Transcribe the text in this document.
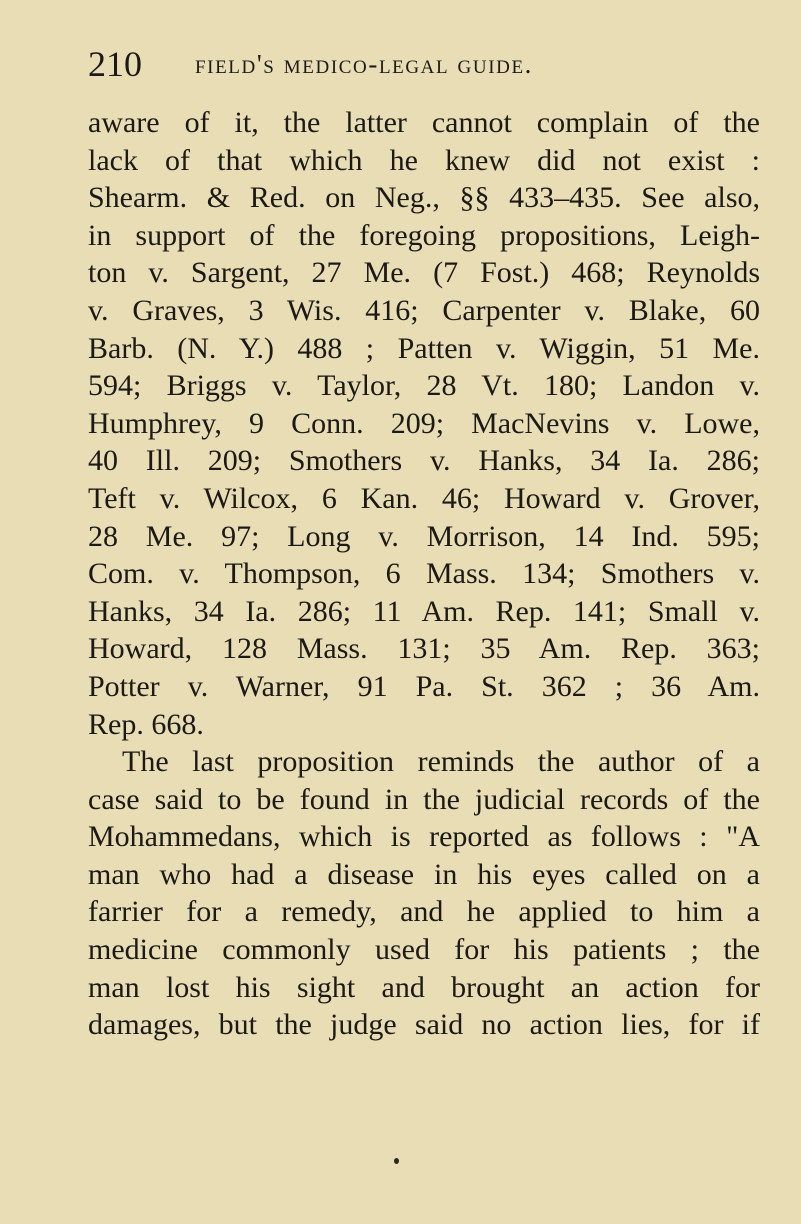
210 field's medico-legal guide.
aware of it, the latter cannot complain of the
lack of that which he knew did not exist :
Shearm. & Red. on Neg., §§ 433–435. See also,
in support of the foregoing propositions, Leigh-
ton v. Sargent, 27 Me. (7 Fost.) 468; Reynolds
v. Graves, 3 Wis. 416; Carpenter v. Blake, 60
Barb. (N. Y.) 488 ; Patten v. Wiggin, 51 Me.
594; Briggs v. Taylor, 28 Vt. 180; Landon v.
Humphrey, 9 Conn. 209; MacNevins v. Lowe,
40 Ill. 209; Smothers v. Hanks, 34 Ia. 286;
Teft v. Wilcox, 6 Kan. 46; Howard v. Grover,
28 Me. 97; Long v. Morrison, 14 Ind. 595;
Com. v. Thompson, 6 Mass. 134; Smothers v.
Hanks, 34 Ia. 286; 11 Am. Rep. 141; Small v.
Howard, 128 Mass. 131; 35 Am. Rep. 363;
Potter v. Warner, 91 Pa. St. 362 ; 36 Am.
Rep. 668.
The last proposition reminds the author of a
case said to be found in the judicial records of the
Mohammedans, which is reported as follows : "A
man who had a disease in his eyes called on a
farrier for a remedy, and he applied to him a
medicine commonly used for his patients ; the
man lost his sight and brought an action for
damages, but the judge said no action lies, for if
